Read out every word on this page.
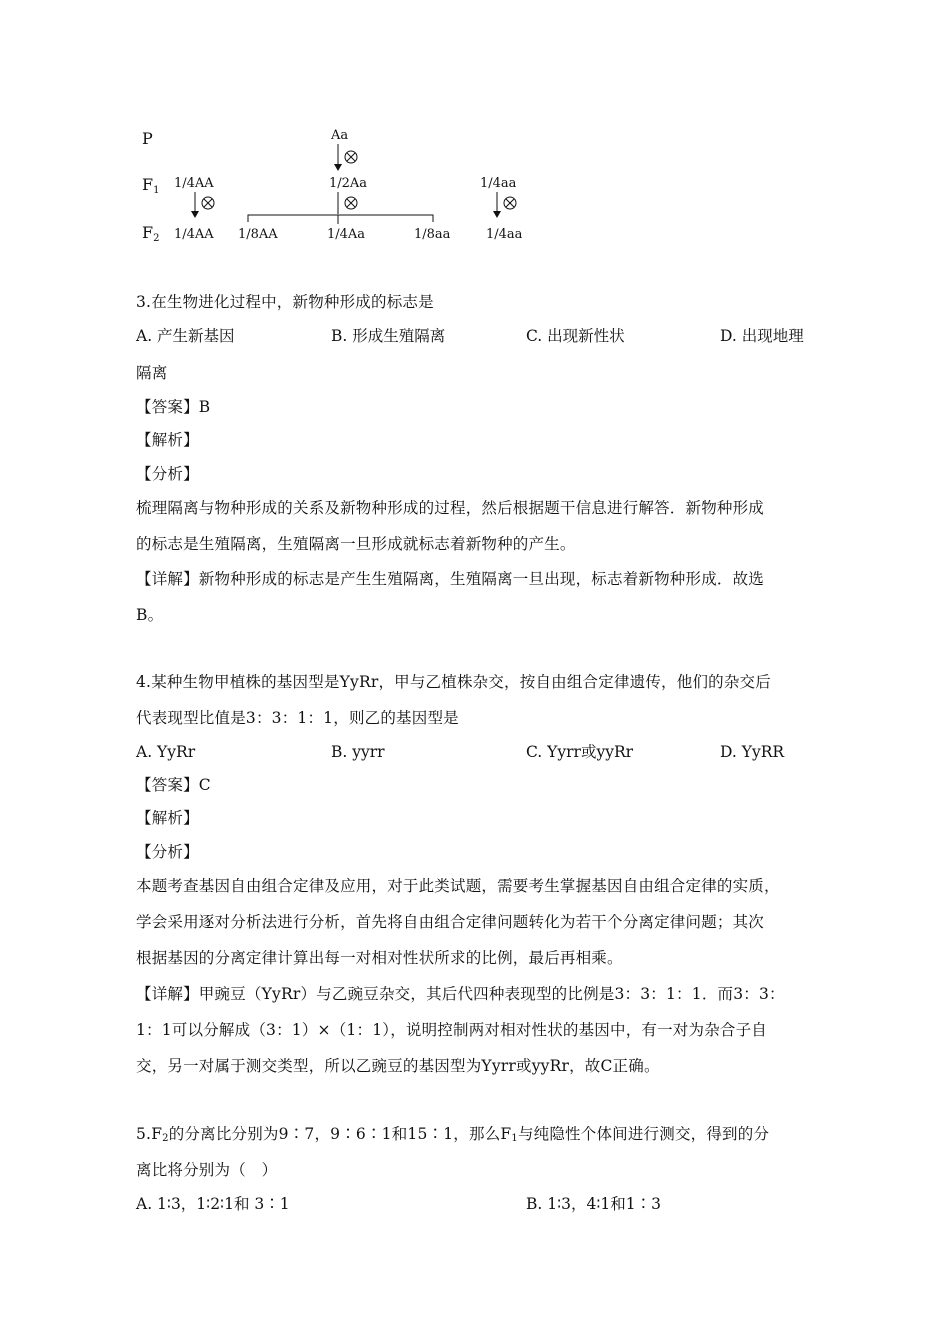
P
F1
F2
Aa
1/4AA	1/2Aa	1/4aa
1/4AA 1/8AA	1/4Aa	1/8aa	1/4aa
3.在生物进化过程中，新物种形成的标志是
A. 产生新基因	B. 形成生殖隔离	C. 出现新性状	D. 出现地理
隔离
【答案】B
【解析】
【分析】
梳理隔离与物种形成的关系及新物种形成的过程，然后根据题干信息进行解答．新物种形成
的标志是生殖隔离，生殖隔离一旦形成就标志着新物种的产生。
【详解】新物种形成的标志是产生生殖隔离，生殖隔离一旦出现，标志着新物种形成．故选
B。
4.某种生物甲植株的基因型是YyRr，甲与乙植株杂交，按自由组合定律遗传，他们的杂交后
代表现型比值是3：3：1：1，则乙的基因型是
A. YyRr	B. yyrr	C. Yyrr或yyRr	D. YyRR
【答案】C
【解析】
【分析】
本题考查基因自由组合定律及应用，对于此类试题，需要考生掌握基因自由组合定律的实质，
学会采用逐对分析法进行分析，首先将自由组合定律问题转化为若干个分离定律问题；其次
根据基因的分离定律计算出每一对相对性状所求的比例，最后再相乘。
【详解】甲豌豆（YyRr）与乙豌豆杂交，其后代四种表现型的比例是3：3：1：1．而3：3：
1：1可以分解成（3：1）×（1：1），说明控制两对相对性状的基因中，有一对为杂合子自
交，另一对属于测交类型，所以乙豌豆的基因型为Yyrr或yyRr，故C正确。
$5.F_2$的分离比分别为9∶7，9∶6∶1和15∶1，那么$F_1$与纯隐性个体间进行测交，得到的分
离比将分别为（　）
A. 1∶3，1∶2∶1和 3∶1	B. 1∶3，4∶1和1∶3
